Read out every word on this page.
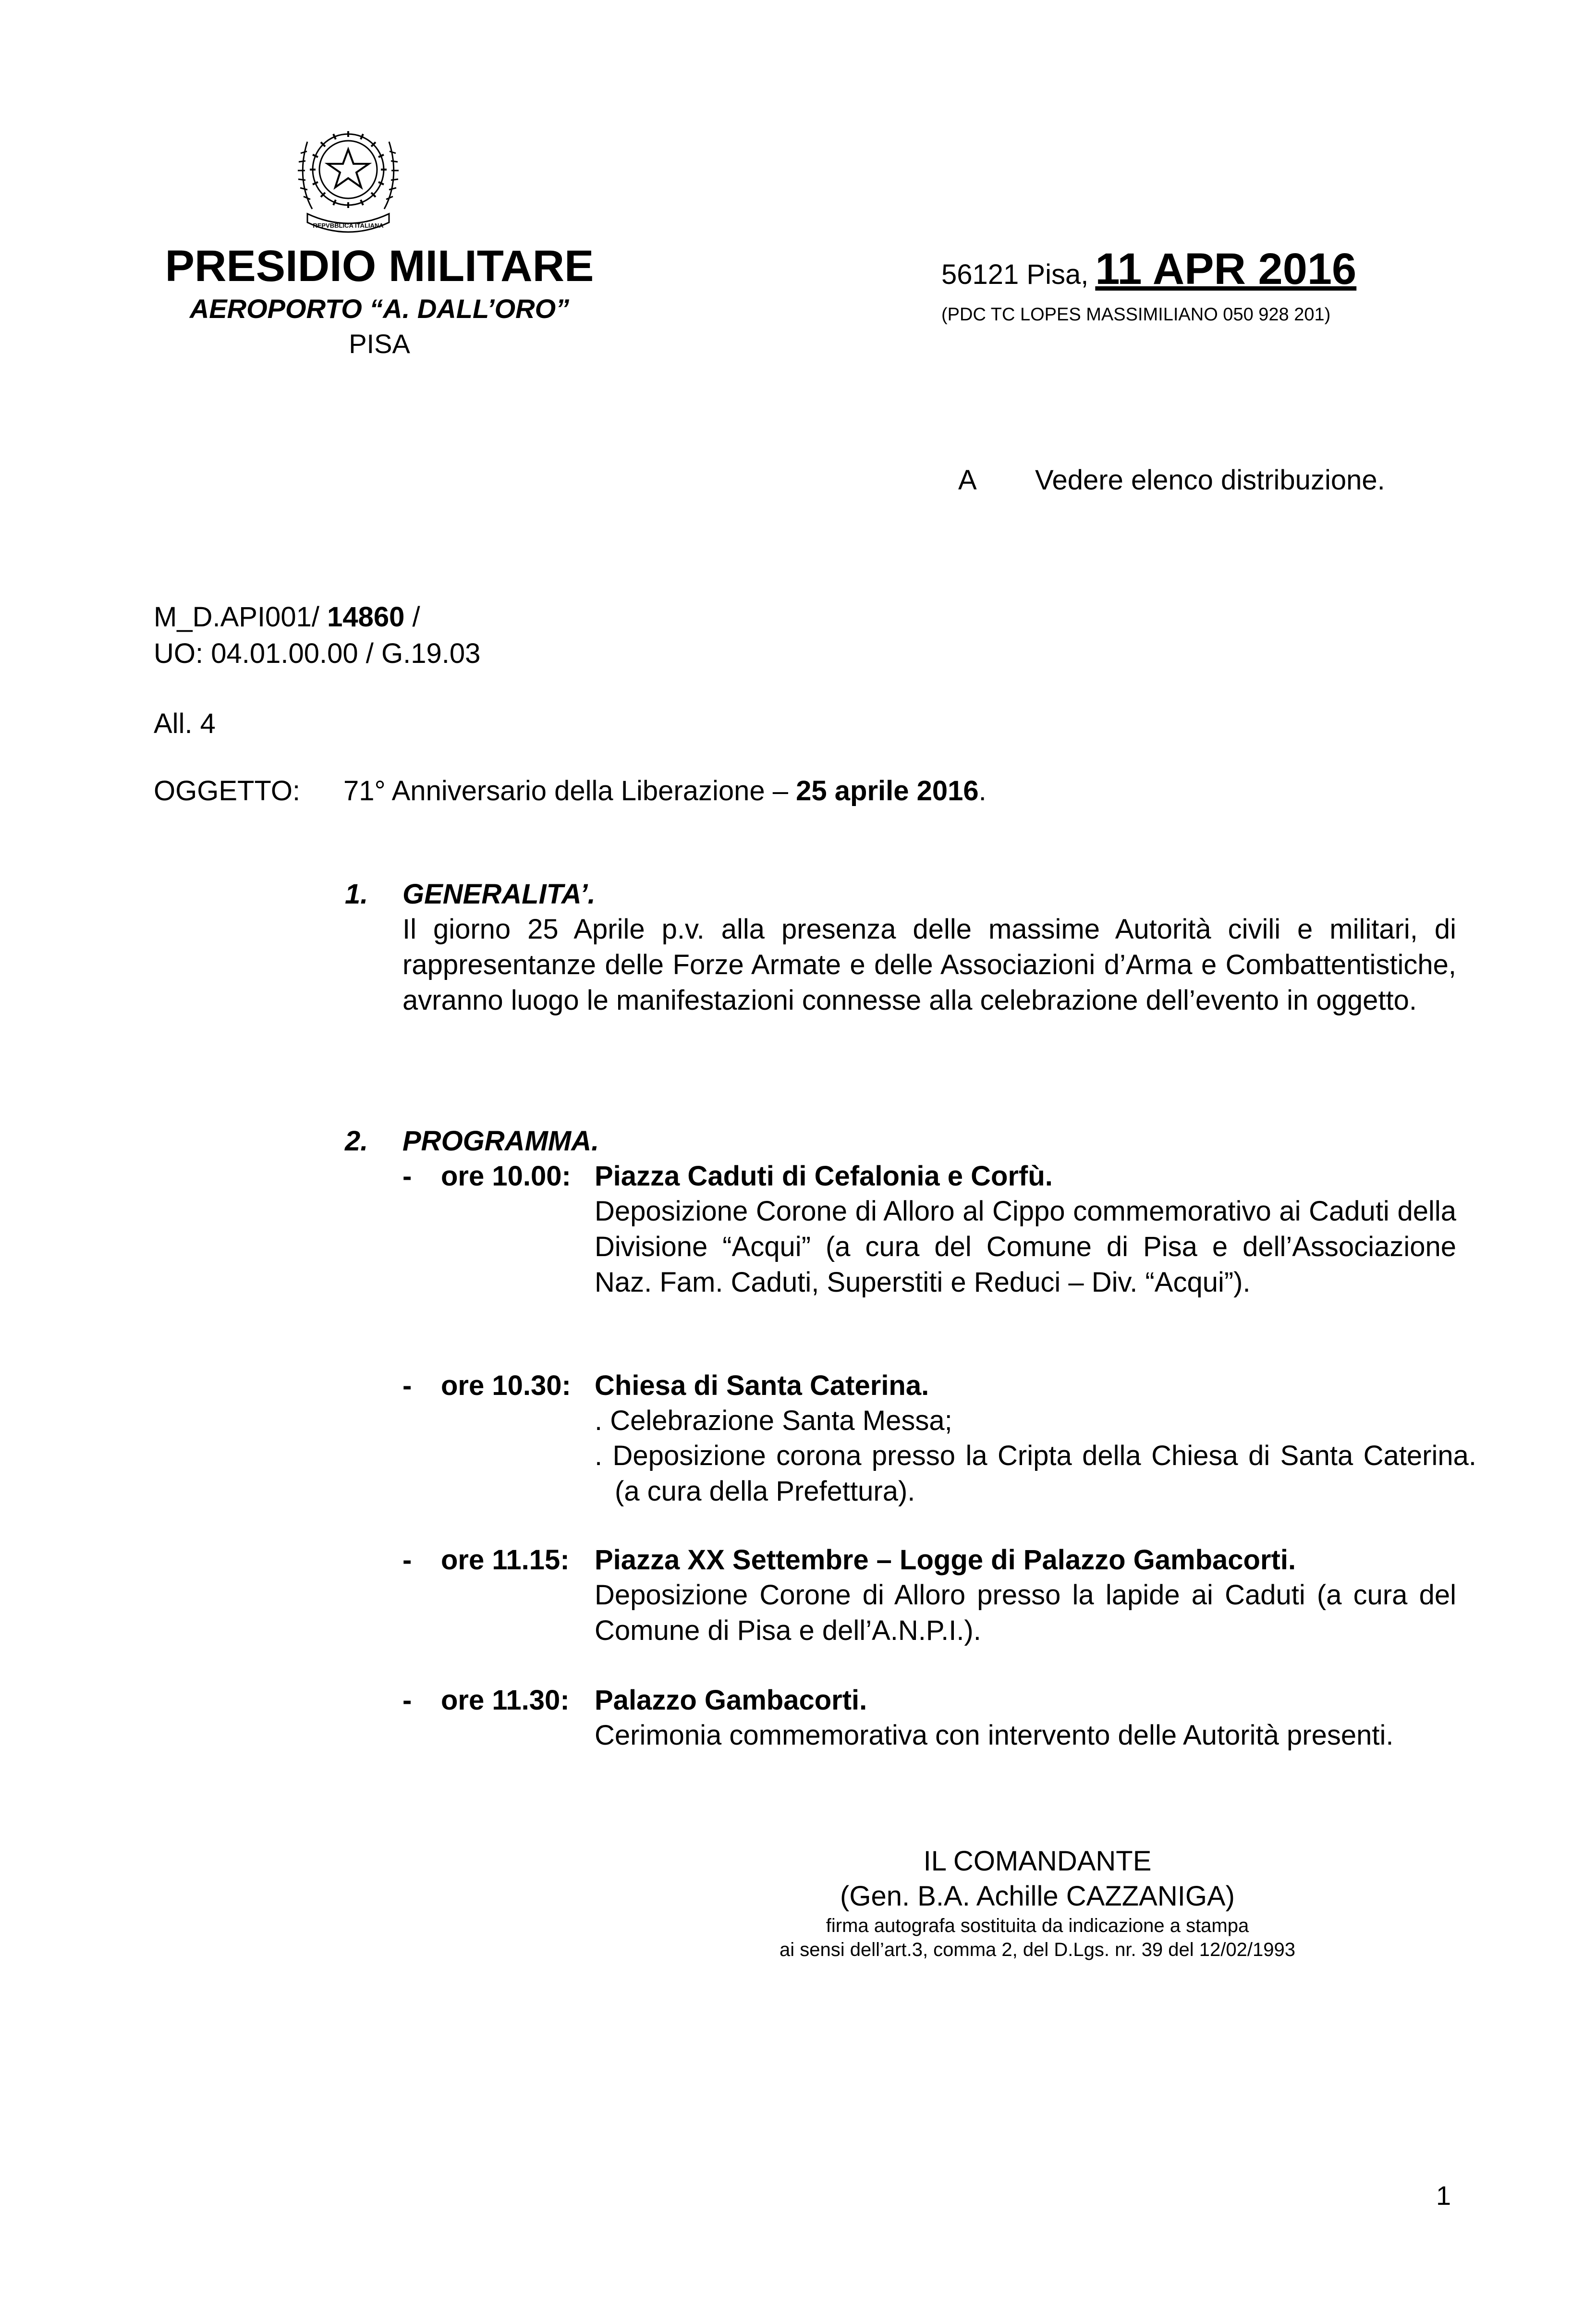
REPVBBLICA ITALIANA
PRESIDIO MILITARE
AEROPORTO “A. DALL’ORO”
PISA
56121 Pisa, 11 APR 2016
(PDC TC LOPES MASSIMILIANO 050 928 201)
A Vedere elenco distribuzione.
M_D.API001/ 14860 /
UO: 04.01.00.00 / G.19.03
All. 4
OGGETTO: 71° Anniversario della Liberazione – 25 aprile 2016.
1. GENERALITA’.
Il giorno 25 Aprile p.v. alla presenza delle massime Autorità civili e militari, di rappresentanze delle Forze Armate e delle Associazioni d’Arma e Combattentistiche, avranno luogo le manifestazioni connesse alla celebrazione dell’evento in oggetto.
2. PROGRAMMA.
- ore 10.00: Piazza Caduti di Cefalonia e Corfù.
Deposizione Corone di Alloro al Cippo commemorativo ai Caduti della Divisione “Acqui” (a cura del Comune di Pisa e dell’Associazione Naz. Fam. Caduti, Superstiti e Reduci – Div. “Acqui”).
- ore 10.30: Chiesa di Santa Caterina.
. Celebrazione Santa Messa;
. Deposizione corona presso la Cripta della Chiesa di Santa Caterina. (a cura della Prefettura).
- ore 11.15: Piazza XX Settembre – Logge di Palazzo Gambacorti.
Deposizione Corone di Alloro presso la lapide ai Caduti (a cura del Comune di Pisa e dell’A.N.P.I.).
- ore 11.30: Palazzo Gambacorti.
Cerimonia commemorativa con intervento delle Autorità presenti.
IL COMANDANTE
(Gen. B.A. Achille CAZZANIGA)
firma autografa sostituita da indicazione a stampa
ai sensi dell’art.3, comma 2, del D.Lgs. nr. 39 del 12/02/1993
1
